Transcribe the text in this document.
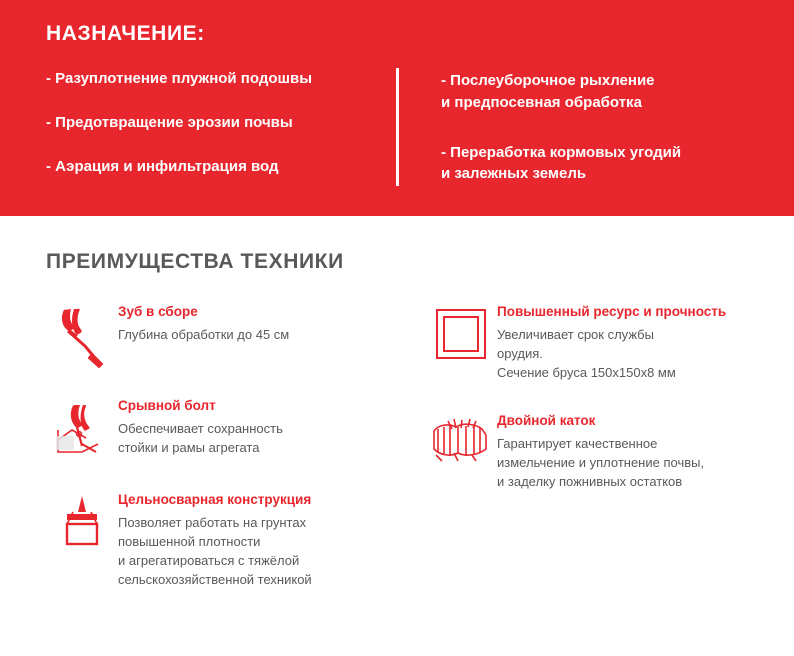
НАЗНАЧЕНИЕ:
- Разуплотнение плужной подошвы
- Предотвращение эрозии почвы
- Аэрация и инфильтрация вод
- Послеуборочное рыхление
и предпосевная обработка
- Переработка кормовых угодий
и залежных земель
ПРЕИМУЩЕСТВА ТЕХНИКИ

Зуб в сборе

Глубина обработки до 45 см

Срывной болт

Обеспечивает сохранность
стойки и рамы агрегата

Цельносварная конструкция

Позволяет работать на грунтах
повышенной плотности
и агрегатироваться с тяжёлой
сельскохозяйственной техникой

Повышенный ресурс и прочность

Увеличивает срок службы
орудия.
Сечение бруса 150х150х8 мм

Двойной каток

Гарантирует качественное
измельчение и уплотнение почвы,
и заделку пожнивных остатков
